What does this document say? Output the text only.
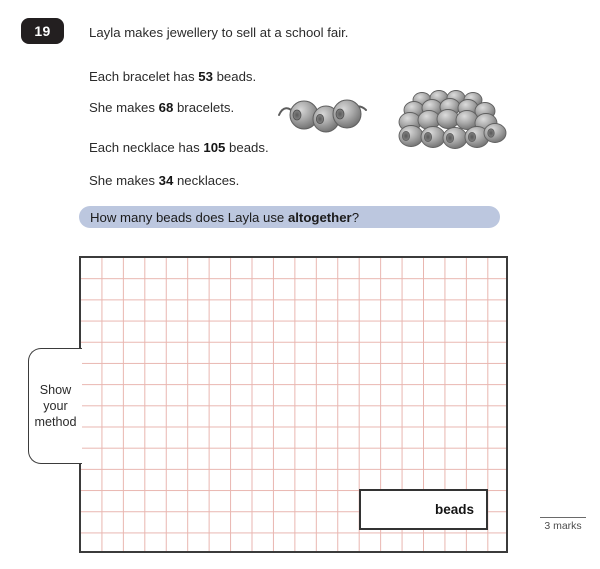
19	Layla makes jewellery to sell at a school fair.
Each bracelet has 53 beads.
She makes 68 bracelets.
Each necklace has 105 beads.
She makes 34 necklaces.
How many beads does Layla use altogether?
Show
your
method
beads
3 marks
